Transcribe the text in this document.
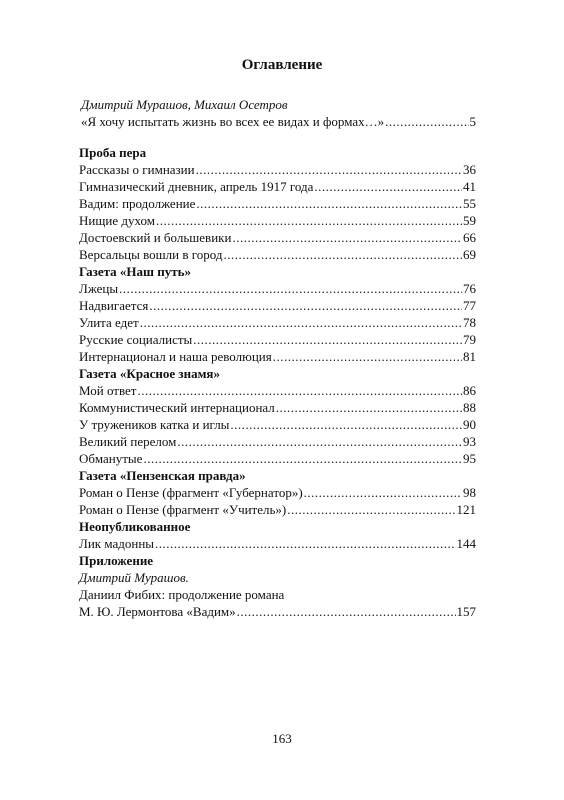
Оглавление
Дмитрий Мурашов, Михаил Осетров
«Я хочу испытать жизнь во всех ее видах и формах…» .....	5
Проба пера
Рассказы о гимназии .....	36
Гимназический дневник, апрель 1917 года .....	41
Вадим: продолжение .....	55
Нищие духом .....	59
Достоевский и большевики .....	66
Версальцы вошли в город .....	69
Газета «Наш путь»
Лжецы .....	76
Надвигается .....	77
Улита едет .....	78
Русские социалисты .....	79
Интернационал и наша революция .....	81
Газета «Красное знамя»
Мой ответ .....	86
Коммунистический интернационал .....	88
У тружеников катка и иглы .....	90
Великий перелом .....	93
Обманутые .....	95
Газета «Пензенская правда»
Роман о Пензе (фрагмент «Губернатор») .....	98
Роман о Пензе (фрагмент «Учитель») .....	121
Неопубликованное
Лик мадонны .....	144
Приложение
Дмитрий Мурашов.
Даниил Фибих: продолжение романа
М. Ю. Лермонтова «Вадим» .....	157
163
